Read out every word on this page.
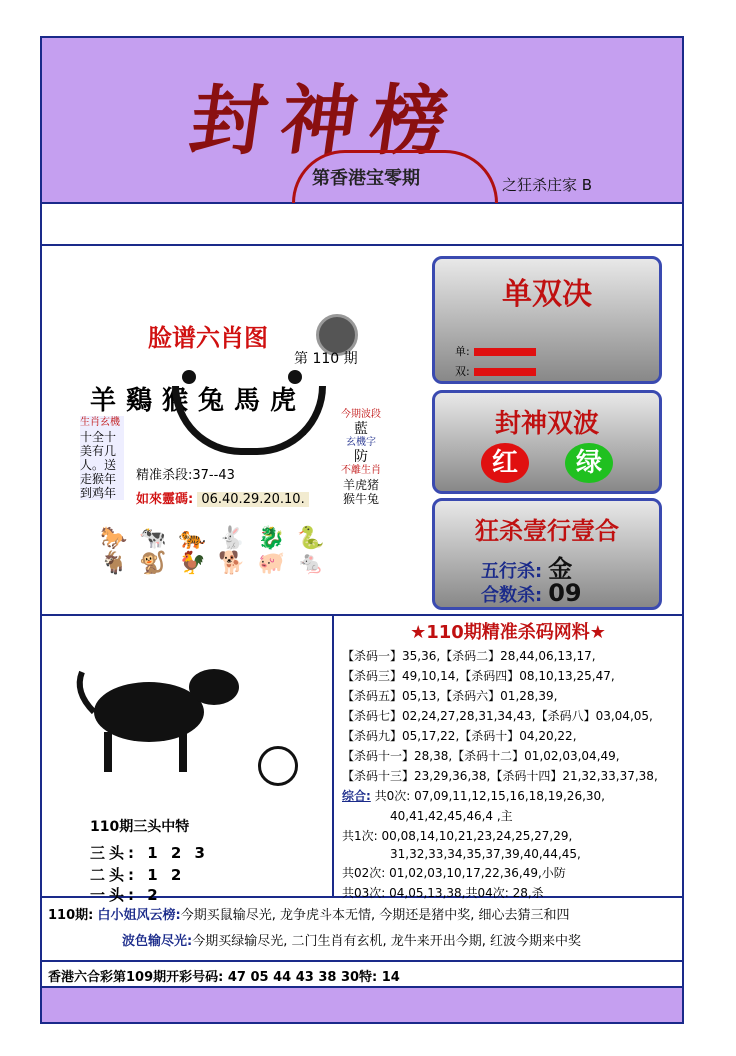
封神榜
第香港宝零期	之狂杀庄家 B
脸谱六肖图
第 110 期
羊鷄猴兔馬虎
生肖玄機
十全十美有几人。送走猴年到鸡年
今期波段
藍
玄機字
防
不離生肖
羊虎猪猴牛兔
精准杀段:37--43
如來靈碼: 06.40.29.20.10.
🐎🐄🐅🐇🐉🐍
🐐🐒🐓🐕🐖🐁
单双决
单:
双:
封神双波
红	绿
狂杀壹行壹合
五行杀: 金
合数杀: 09
110期三头中特
三头: 1 2 3
二头: 1 2
一头: 2
★110期精准杀码网料★
【杀码一】35,36,【杀码二】28,44,06,13,17,
【杀码三】49,10,14,【杀码四】08,10,13,25,47,
【杀码五】05,13,【杀码六】01,28,39,
【杀码七】02,24,27,28,31,34,43,【杀码八】03,04,05,
【杀码九】05,17,22,【杀码十】04,20,22,
【杀码十一】28,38,【杀码十二】01,02,03,04,49,
【杀码十三】23,29,36,38,【杀码十四】21,32,33,37,38,
综合: 共0次: 07,09,11,12,15,16,18,19,26,30,
40,41,42,45,46,4 ,主
共1次: 00,08,14,10,21,23,24,25,27,29,
31,32,33,34,35,37,39,40,44,45,
共02次: 01,02,03,10,17,22,36,49,小防
共03次: 04,05,13,38,共04次: 28,杀
110期: 白小姐风云榜:今期买鼠输尽光, 龙争虎斗本无情, 今期还是猪中奖, 细心去猜三和四
波色输尽光:今期买绿输尽光, 二门生肖有玄机, 龙牛来开出今期, 红波今期来中奖
香港六合彩第109期开彩号码: 47 05 44 43 38 30特: 14
